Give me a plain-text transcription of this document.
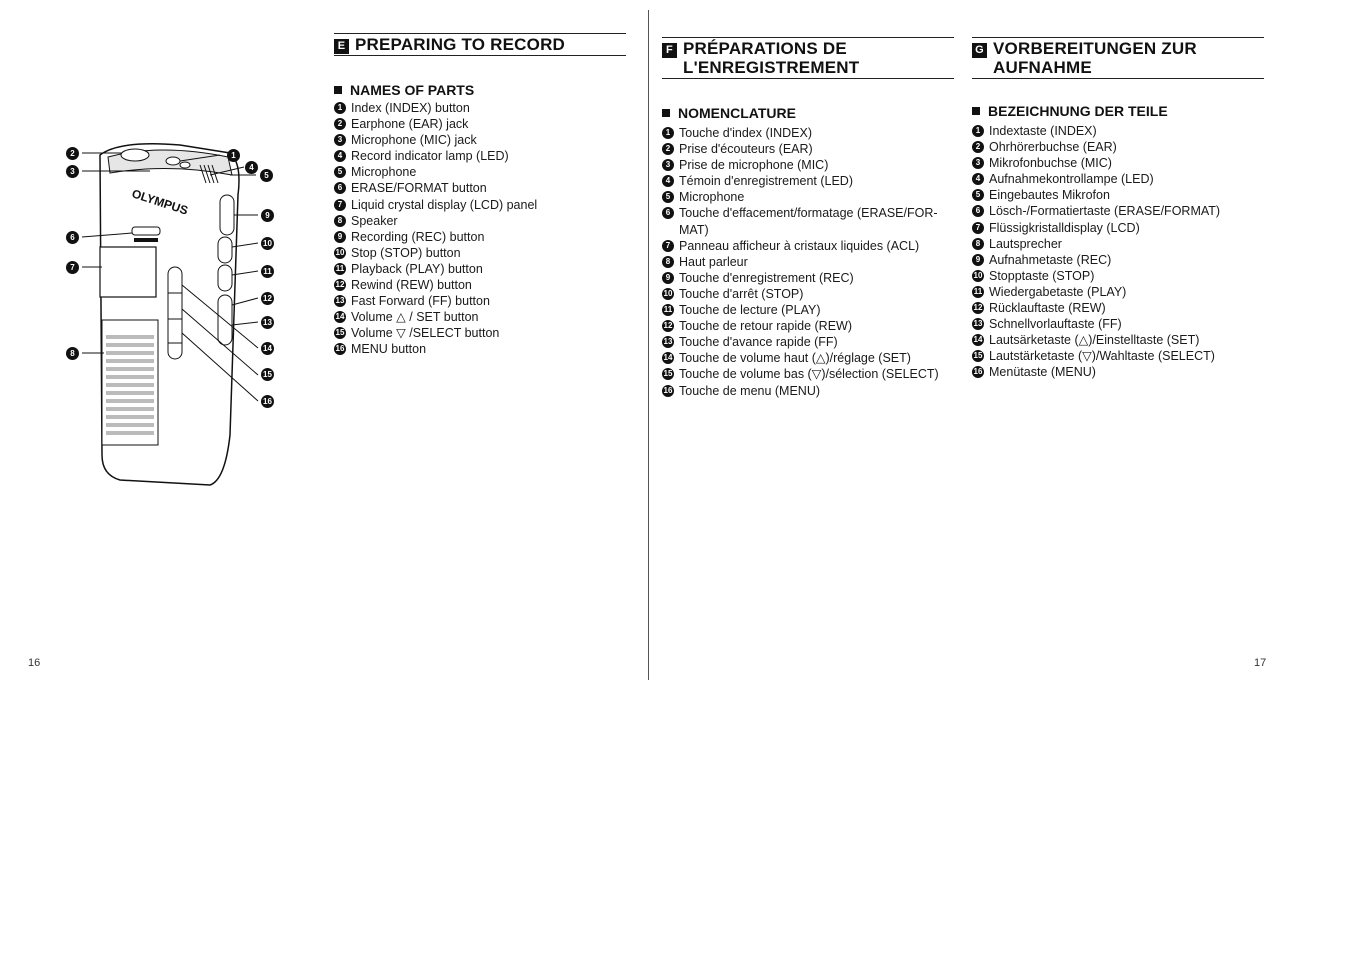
16	17
OLYMPUS
2
3
1
4
5
6
7
8
9
10
11
12
13
14
15
16
E PREPARING TO RECORD
NAMES OF PARTS
1 Index (INDEX) button
2 Earphone (EAR) jack
3 Microphone (MIC) jack
4 Record indicator lamp (LED)
5 Microphone
6 ERASE/FORMAT button
7 Liquid crystal display (LCD) panel
8 Speaker
9 Recording (REC) button
10 Stop (STOP) button
11 Playback (PLAY) button
12 Rewind (REW) button
13 Fast Forward (FF) button
14 Volume △ / SET button
15 Volume ▽ /SELECT button
16 MENU button
F PRÉPARATIONS DE
L'ENREGISTREMENT
NOMENCLATURE
1 Touche d'index (INDEX)
2 Prise d'écouteurs (EAR)
3 Prise de microphone (MIC)
4 Témoin d'enregistrement (LED)
5 Microphone
6 Touche d'effacement/formatage (ERASE/FOR-MAT)
7 Panneau afficheur à cristaux liquides (ACL)
8 Haut parleur
9 Touche d'enregistrement (REC)
10 Touche d'arrêt (STOP)
11 Touche de lecture (PLAY)
12 Touche de retour rapide (REW)
13 Touche d'avance rapide (FF)
14 Touche de volume haut (△)/réglage (SET)
15 Touche de volume bas (▽)/sélection (SELECT)
16 Touche de menu (MENU)
G VORBEREITUNGEN ZUR
AUFNAHME
BEZEICHNUNG DER TEILE
1 Indextaste (INDEX)
2 Ohrhörerbuchse (EAR)
3 Mikrofonbuchse (MIC)
4 Aufnahmekontrollampe (LED)
5 Eingebautes Mikrofon
6 Lösch-/Formatiertaste (ERASE/FORMAT)
7 Flüssigkristalldisplay (LCD)
8 Lautsprecher
9 Aufnahmetaste (REC)
10 Stopptaste (STOP)
11 Wiedergabetaste (PLAY)
12 Rücklauftaste (REW)
13 Schnellvorlauftaste (FF)
14 Lautsärketaste (△)/Einstelltaste (SET)
15 Lautstärketaste (▽)/Wahltaste (SELECT)
16 Menütaste (MENU)
